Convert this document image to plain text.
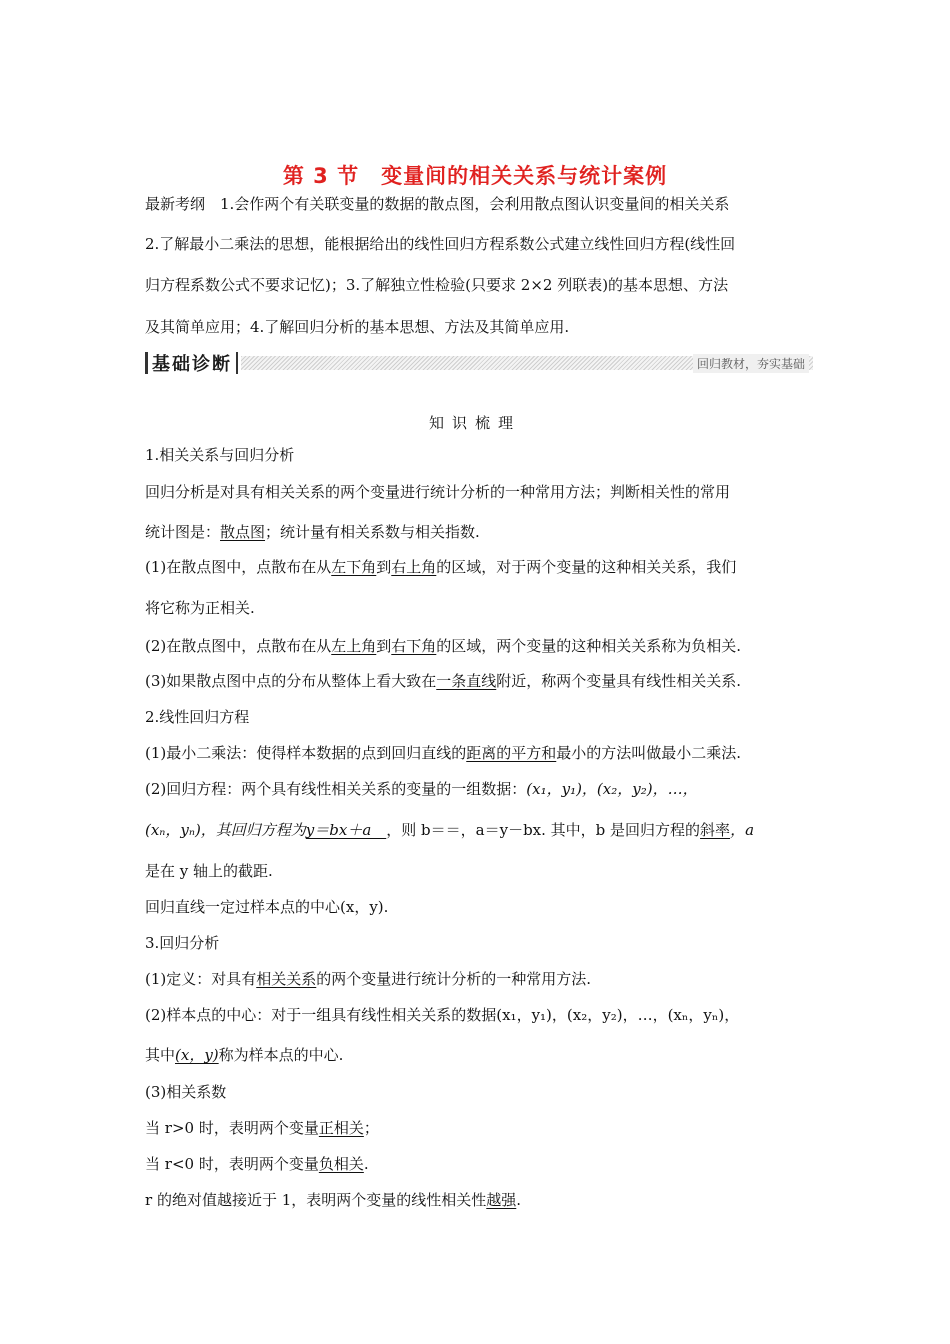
第 3 节　变量间的相关关系与统计案例
最新考纲　1.会作两个有关联变量的数据的散点图，会利用散点图认识变量间的相关关系
2.了解最小二乘法的思想，能根据给出的线性回归方程系数公式建立线性回归方程(线性回
归方程系数公式不要求记忆)；3.了解独立性检验(只要求 2×2 列联表)的基本思想、方法
及其简单应用；4.了解回归分析的基本思想、方法及其简单应用.
基础诊断	回归教材，夯实基础
知识梳理
1.相关关系与回归分析
回归分析是对具有相关关系的两个变量进行统计分析的一种常用方法；判断相关性的常用
统计图是：散点图；统计量有相关系数与相关指数.
(1)在散点图中，点散布在从左下角到右上角的区域，对于两个变量的这种相关关系，我们
将它称为正相关.
(2)在散点图中，点散布在从左上角到右下角的区域，两个变量的这种相关关系称为负相关.
(3)如果散点图中点的分布从整体上看大致在一条直线附近，称两个变量具有线性相关关系.
2.线性回归方程
(1)最小二乘法：使得样本数据的点到回归直线的距离的平方和最小的方法叫做最小二乘法.
(2)回归方程：两个具有线性相关关系的变量的一组数据：(x₁，y₁)，(x₂，y₂)，…，
(xₙ，yₙ)，其回归方程为y＝bx＋a　，则 b＝＝，a＝y－bx. 其中，b 是回归方程的斜率，a
是在 y 轴上的截距.
回归直线一定过样本点的中心(x，y).
3.回归分析
(1)定义：对具有相关关系的两个变量进行统计分析的一种常用方法.
(2)样本点的中心：对于一组具有线性相关关系的数据(x₁，y₁)，(x₂，y₂)，…，(xₙ，yₙ)，
其中(x，y)称为样本点的中心.
(3)相关系数
当 r>0 时，表明两个变量正相关；
当 r<0 时，表明两个变量负相关.
r 的绝对值越接近于 1，表明两个变量的线性相关性越强.
